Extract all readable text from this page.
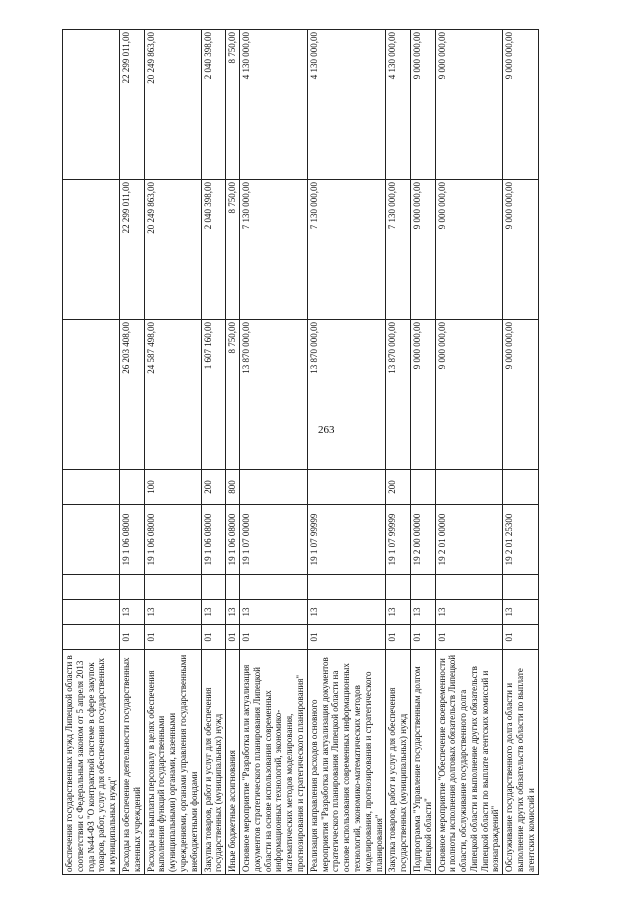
263
обеспечения государственных нужд Липецкой области в соответствии с Федеральным законом от 5 апреля 2013 года №44-ФЗ "О контрактной системе в сфере закупок товаров, работ, услуг для обеспечения государственных и муниципальных нужд"								
Расходы на обеспечение деятельности государственных казенных учреждений	01	13		19 1 06 08000		26 203 408,00	22 299 011,00	22 299 011,00
Расходы на выплаты персоналу в целях обеспечения выполнения функций государственными (муниципальными) органами, казенными учреждениями, органами управления государственными внебюджетными фондами	01	13		19 1 06 08000	100	24 587 498,00	20 249 863,00	20 249 863,00
Закупка товаров, работ и услуг для обеспечения государственных (муниципальных) нужд	01	13		19 1 06 08000	200	1 607 160,00	2 040 398,00	2 040 398,00
Иные бюджетные ассигнования	01	13		19 1 06 08000	800	8 750,00	8 750,00	8 750,00
Основное мероприятие "Разработка или актуализация документов стратегического планирования Липецкой области на основе использования современных информационных технологий, экономико-математических методов моделирования, прогнозирования и стратегического планирования"	01	13		19 1 07 00000		13 870 000,00	7 130 000,00	4 130 000,00
Реализация направления расходов основного мероприятия "Разработка или актуализация документов стратегического планирования Липецкой области на основе использования современных информационных технологий, экономико-математических методов моделирования, прогнозирования и стратегического планирования"	01	13		19 1 07 99999		13 870 000,00	7 130 000,00	4 130 000,00
Закупка товаров, работ и услуг для обеспечения государственных (муниципальных) нужд	01	13		19 1 07 99999	200	13 870 000,00	7 130 000,00	4 130 000,00
Подпрограмма "Управление государственным долгом Липецкой области"	01	13		19 2 00 00000		9 000 000,00	9 000 000,00	9 000 000,00
Основное мероприятие "Обеспечение своевременности и полноты исполнения долговых обязательств Липецкой области, обслуживание государственного долга Липецкой области и выполнение других обязательств Липецкой области по выплате агентских комиссий и вознаграждений"	01	13		19 2 01 00000		9 000 000,00	9 000 000,00	9 000 000,00
Обслуживание государственного долга области и выполнение других обязательств области по выплате агентских комиссий и	01	13		19 2 01 25300		9 000 000,00	9 000 000,00	9 000 000,00
